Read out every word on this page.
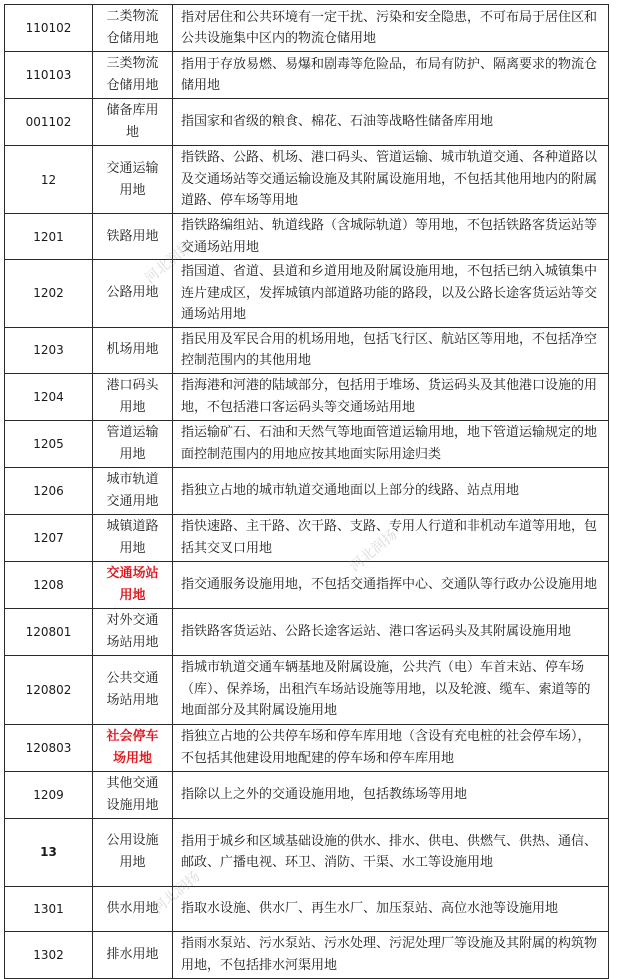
110102	二类物流仓储用地	指对居住和公共环境有一定干扰、污染和安全隐患，不可布局于居住区和公共设施集中区内的物流仓储用地
110103	三类物流仓储用地	指用于存放易燃、易爆和剧毒等危险品，布局有防护、隔离要求的物流仓储用地
001102	储备库用地	指国家和省级的粮食、棉花、石油等战略性储备库用地
12	交通运输用地	指铁路、公路、机场、港口码头、管道运输、城市轨道交通、各种道路以及交通场站等交通运输设施及其附属设施用地，不包括其他用地内的附属道路、停车场等用地
1201	铁路用地	指铁路编组站、轨道线路（含城际轨道）等用地，不包括铁路客货运站等交通场站用地
1202	公路用地	指国道、省道、县道和乡道用地及附属设施用地，不包括已纳入城镇集中连片建成区，发挥城镇内部道路功能的路段，以及公路长途客货运站等交通场站用地
1203	机场用地	指民用及军民合用的机场用地，包括飞行区、航站区等用地，不包括净空控制范围内的其他用地
1204	港口码头用地	指海港和河港的陆域部分，包括用于堆场、货运码头及其他港口设施的用地，不包括港口客运码头等交通场站用地
1205	管道运输用地	指运输矿石、石油和天然气等地面管道运输用地，地下管道运输规定的地面控制范围内的用地应按其地面实际用途归类
1206	城市轨道交通用地	指独立占地的城市轨道交通地面以上部分的线路、站点用地
1207	城镇道路用地	指快速路、主干路、次干路、支路、专用人行道和非机动车道等用地，包括其交叉口用地
1208	交通场站用地	指交通服务设施用地，不包括交通指挥中心、交通队等行政办公设施用地
120801	对外交通场站用地	指铁路客货运站、公路长途客运站、港口客运码头及其附属设施用地
120802	公共交通场站用地	指城市轨道交通车辆基地及附属设施，公共汽（电）车首末站、停车场（库）、保养场，出租汽车场站设施等用地，以及轮渡、缆车、索道等的地面部分及其附属设施用地
120803	社会停车场用地	指独立占地的公共停车场和停车库用地（含设有充电桩的社会停车场），不包括其他建设用地配建的停车场和停车库用地
1209	其他交通设施用地	指除以上之外的交通设施用地，包括教练场等用地
13	公用设施用地	指用于城乡和区域基础设施的供水、排水、供电、供燃气、供热、通信、邮政、广播电视、环卫、消防、干渠、水工等设施用地
1301	供水用地	指取水设施、供水厂、再生水厂、加压泵站、高位水池等设施用地
1302	排水用地	指雨水泵站、污水泵站、污水处理、污泥处理厂等设施及其附属的构筑物用地，不包括排水河渠用地
河北润扬
河北润扬
河北润扬
